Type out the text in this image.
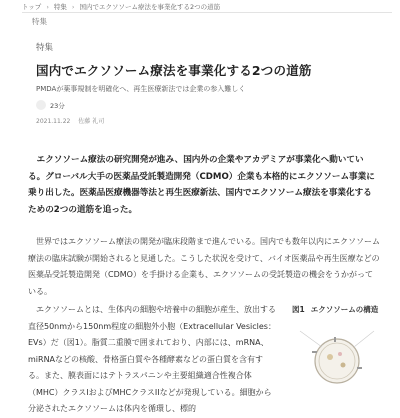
トップ › 特集 › 国内でエクソソーム療法を事業化する2つの道筋
特集
特集
国内でエクソソーム療法を事業化する2つの道筋
PMDAが薬事規制を明確化へ、再生医療新法では企業の参入難しく
23分
2021.11.22 佐藤 礼司

エクソソーム療法の研究開発が進み、国内外の企業やアカデミアが事業化へ動いている。グローバル大手の医薬品受託製造開発（CDMO）企業も本格的にエクソソーム事業に乗り出した。医薬品医療機器等法と再生医療新法、国内でエクソソーム療法を事業化するための2つの道筋を追った。

世界ではエクソソーム療法の開発が臨床段階まで進んでいる。国内でも数年以内にエクソソーム療法の臨床試験が開始されると見通した。こうした状況を受けて、バイオ医薬品や再生医療などの医薬品受託製造開発（CDMO）を手掛ける企業も、エクソソームの受託製造の機会をうかがっている。

エクソソームとは、生体内の細胞や培養中の細胞が産生、放出する直径50nmから150nm程度の細胞外小胞（Extracellular Vesicles：EVs）だ（図1）。脂質二重膜で囲まれており、内部には、mRNA、miRNAなどの核酸、骨格蛋白質や各種酵素などの蛋白質を含有する。また、膜表面にはテトラスパニンや主要組織適合性複合体（MHC）クラスIおよびMHCクラスIIなどが発現している。細胞から分泌されたエクソソームは体内を循環し、標的

図1 エクソソームの構造
